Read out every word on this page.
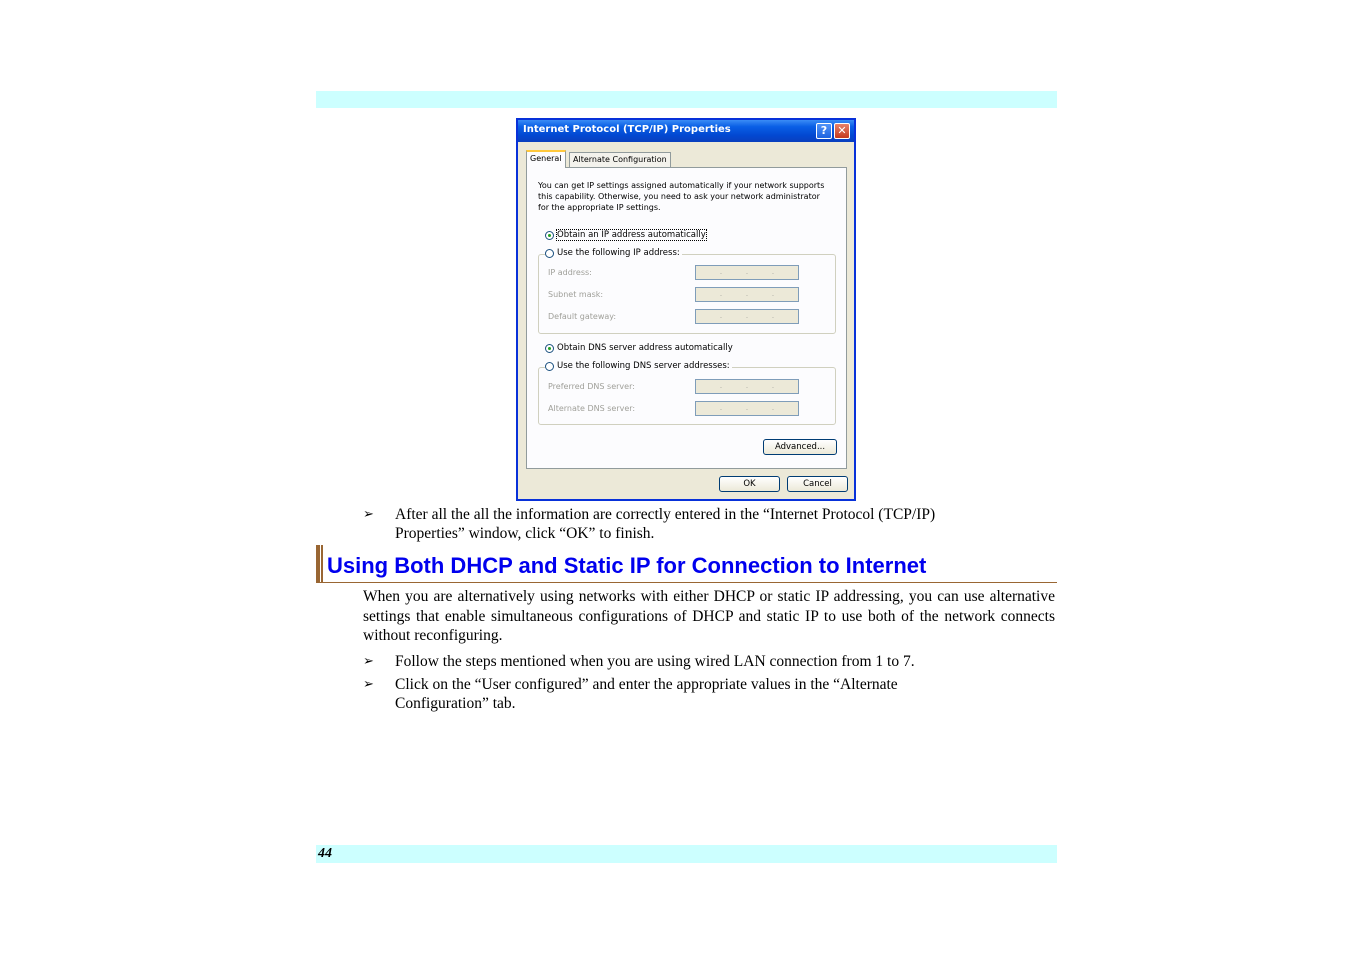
Internet Protocol (TCP/IP) Properties	? ✕
General	Alternate Configuration
You can get IP settings assigned automatically if your network supports this capability. Otherwise, you need to ask your network administrator for the appropriate IP settings.
Obtain an IP address automatically
Use the following IP address:
IP address:	.	.	.
Subnet mask:	.	.	.
Default gateway:	.	.	.
Obtain DNS server address automatically
Use the following DNS server addresses:
Preferred DNS server:	.	.	.
Alternate DNS server:	.	.	.
Advanced...
OK	Cancel
➢ After all the all the information are correctly entered in the “Internet Protocol (TCP/IP)
Properties” window, click “OK” to finish.
Using Both DHCP and Static IP for Connection to Internet
When you are alternatively using networks with either DHCP or static IP addressing, you can use alternative settings that enable simultaneous configurations of DHCP and static IP to use both of the network connects without reconfiguring.
➢ Follow the steps mentioned when you are using wired LAN connection from 1 to 7.
➢ Click on the “User configured” and enter the appropriate values in the “Alternate
Configuration” tab.
44
